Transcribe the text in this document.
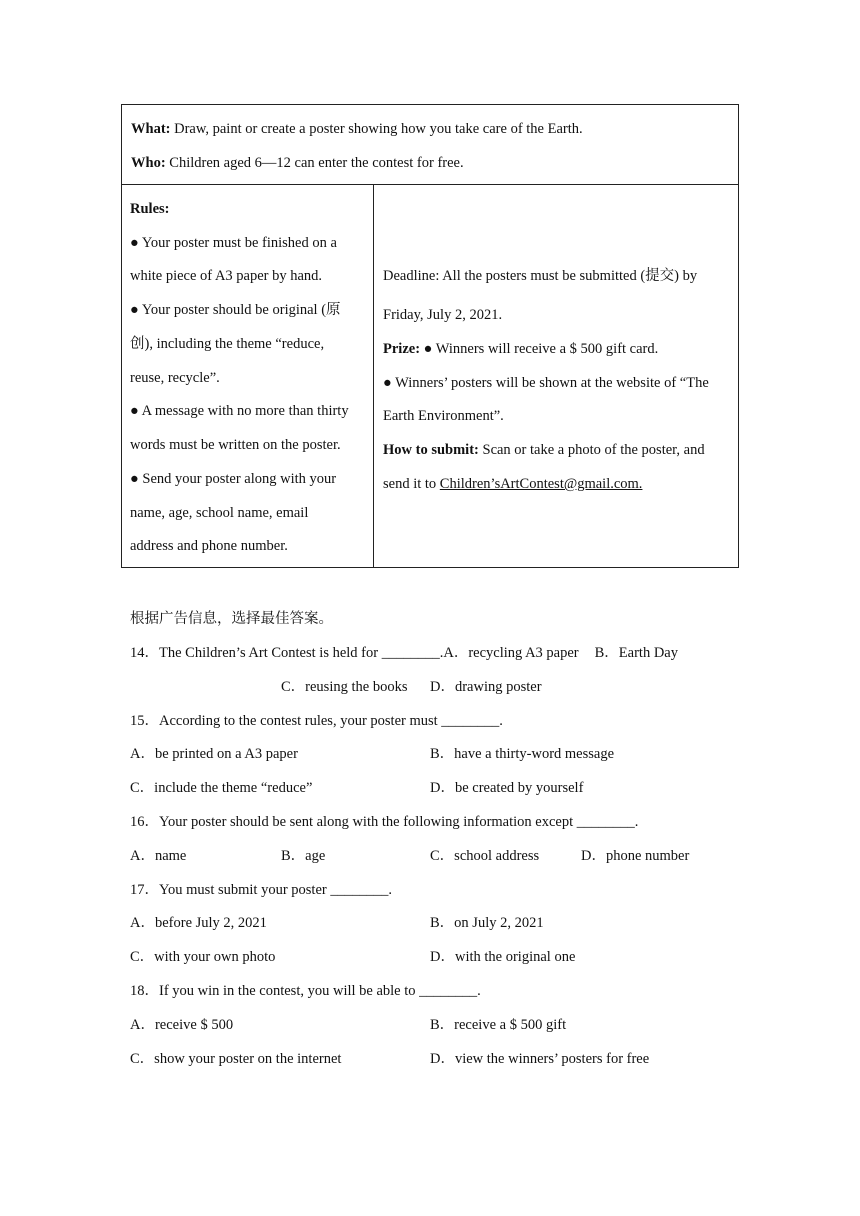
What: Draw, paint or create a poster showing how you take care of the Earth.
Who: Children aged 6—12 can enter the contest for free.
Rules:
● Your poster must be finished on a
white piece of A3 paper by hand.
● Your poster should be original (原
创), including the theme “reduce,
reuse, recycle”.
● A message with no more than thirty
words must be written on the poster.
● Send your poster along with your
name, age, school name, email
address and phone number.
Deadline: All the posters must be submitted (提交) by
Friday, July 2, 2021.
Prize: ● Winners will receive a $ 500 gift card.
● Winners’ posters will be shown at the website of “The
Earth Environment”.
How to submit: Scan or take a photo of the poster, and
send it to Children’sArtContest@gmail.com.
根据广告信息，选择最佳答案。
14．The Children’s Art Contest is held for ________.A．recycling A3 paper B．Earth Day
C．reusing the books D．drawing poster
15．According to the contest rules, your poster must ________.
A．be printed on a A3 paper	B．have a thirty-word message
C．include the theme “reduce”	D．be created by yourself
16．Your poster should be sent along with the following information except ________.
A．name	B．age	C．school address	D．phone number
17．You must submit your poster ________.
A．before July 2, 2021	B．on July 2, 2021
C．with your own photo	D．with the original one
18．If you win in the contest, you will be able to ________.
A．receive $ 500	B．receive a $ 500 gift
C．show your poster on the internet	D．view the winners’ posters for free
